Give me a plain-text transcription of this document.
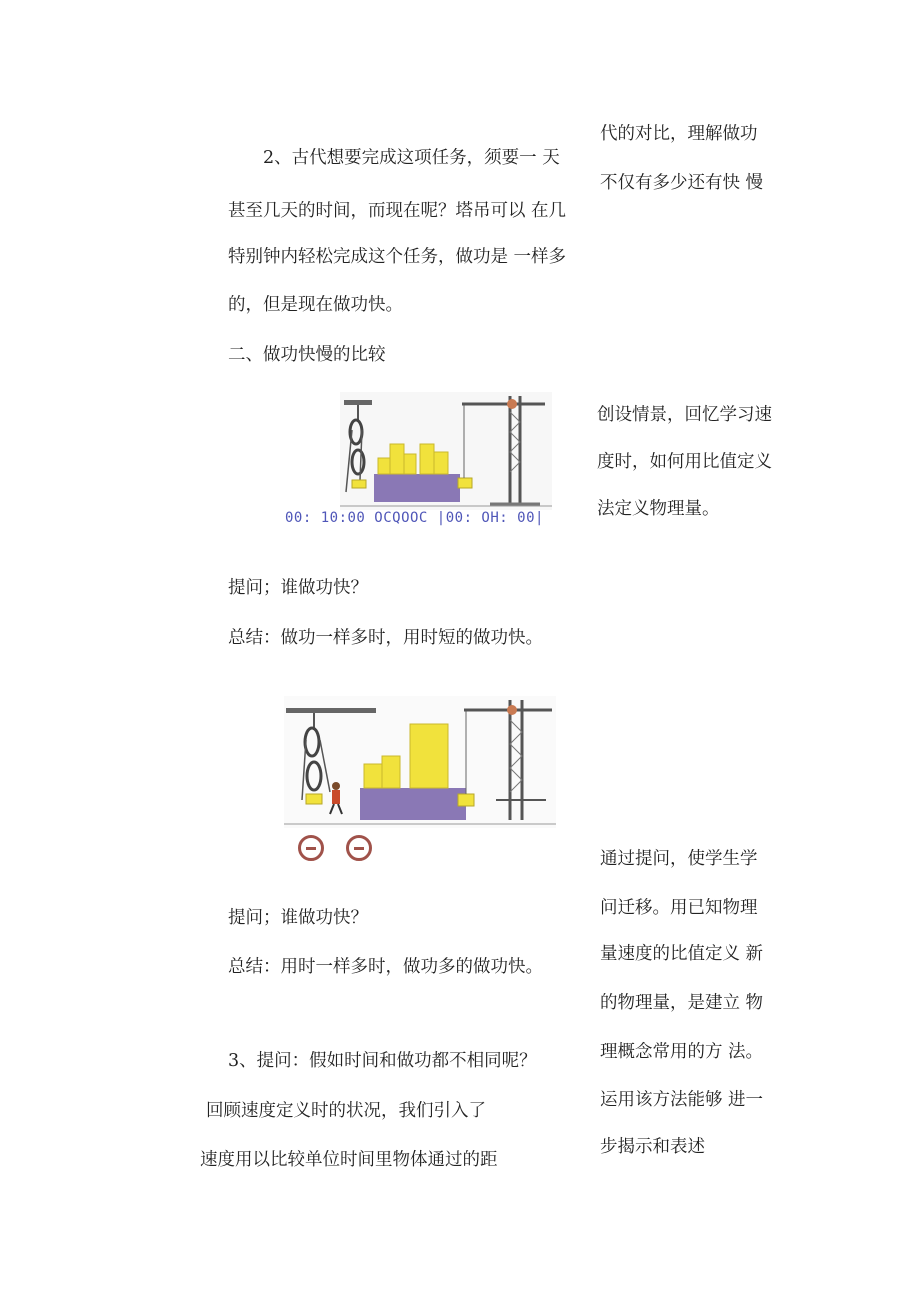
2、古代想要完成这项任务，须要一 天
甚至几天的时间，而现在呢？塔吊可以 在几
特别钟内轻松完成这个任务，做功是 一样多
的，但是现在做功快。
二、做功快慢的比较
00: 10:00 OCQOOC |00: OH: 00|
提问；谁做功快？
总结：做功一样多时，用时短的做功快。
提问；谁做功快？
总结：用时一样多时，做功多的做功快。
3、提问：假如时间和做功都不相同呢？
回顾速度定义时的状况，我们引入了
速度用以比较单位时间里物体通过的距
代的对比，理解做功
不仅有多少还有快 慢
创设情景，回忆学习速
度时，如何用比值定义
法定义物理量。
通过提问，使学生学
问迁移。用已知物理
量速度的比值定义 新
的物理量，是建立 物
理概念常用的方 法。
运用该方法能够 进一
步揭示和表述
